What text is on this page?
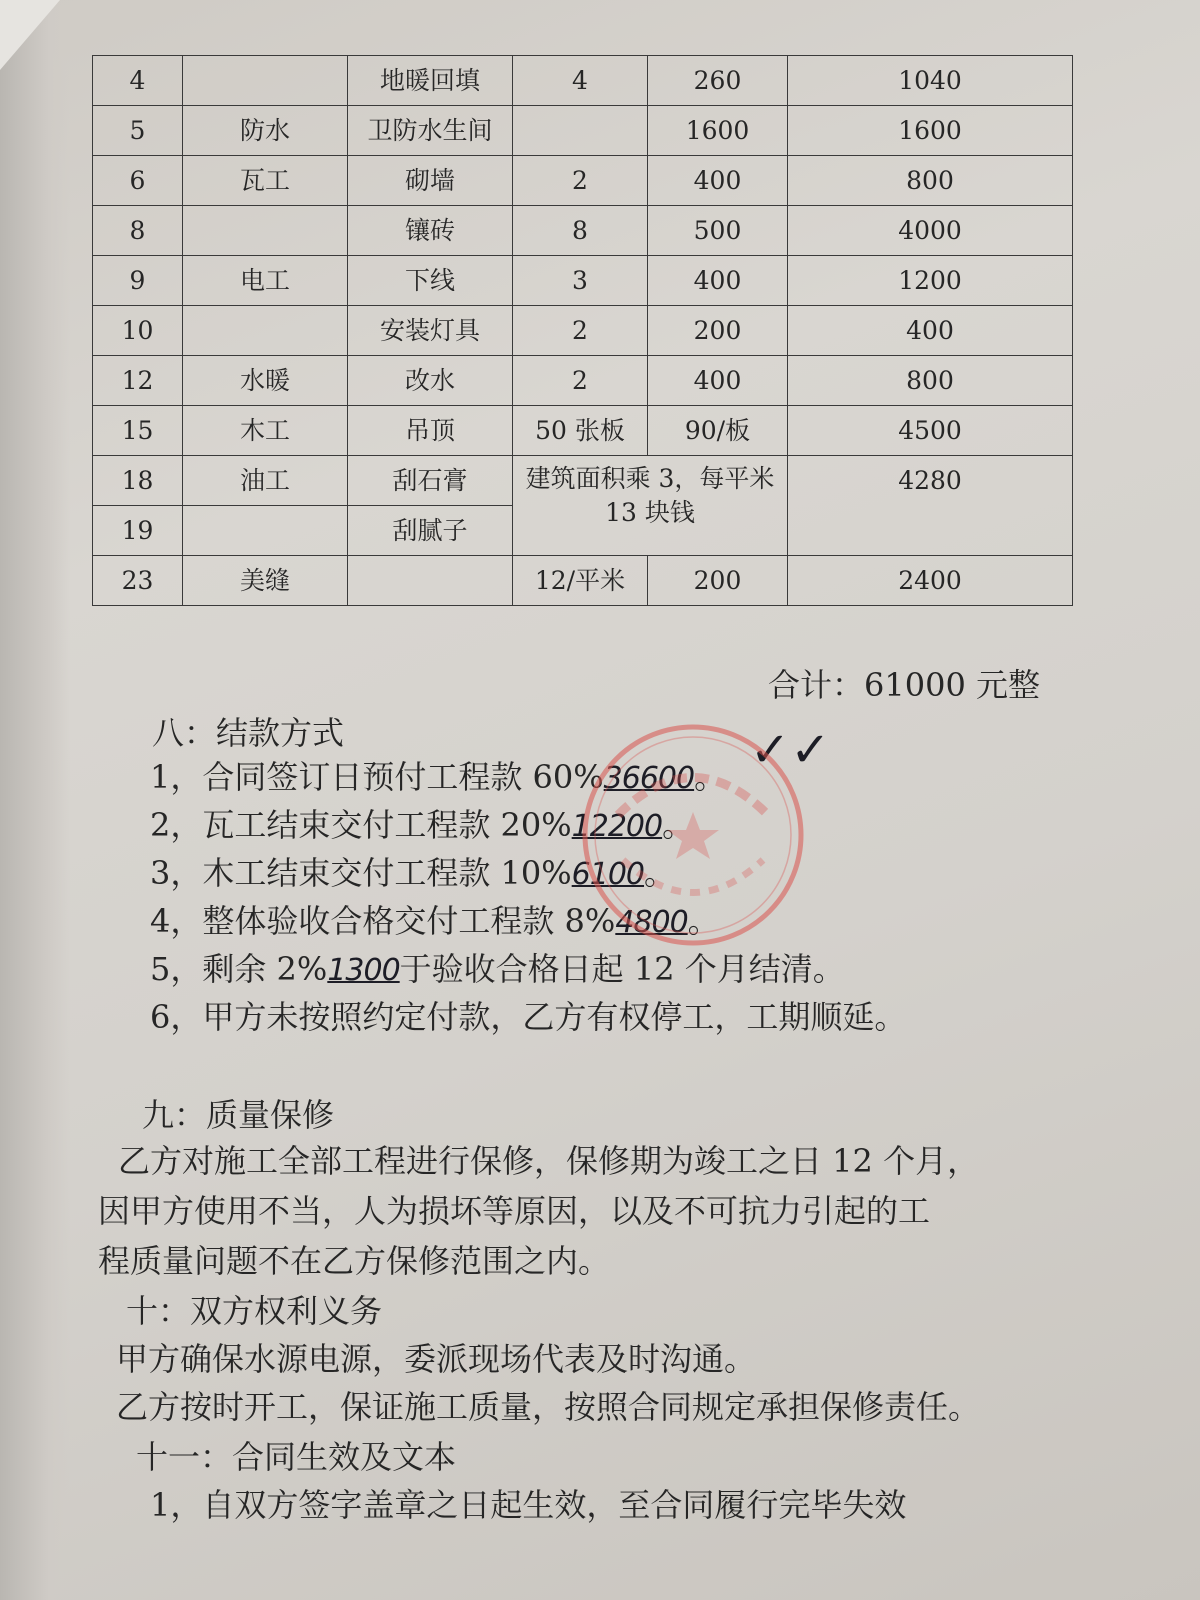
4		地暖回填	4	260	1040
5	防水	卫防水生间		1600	1600
6	瓦工	砌墙	2	400	800
8		镶砖	8	500	4000
9	电工	下线	3	400	1200
10		安装灯具	2	200	400
12	水暖	改水	2	400	800
15	木工	吊顶	50 张板	90/板	4500
18	油工	刮石膏	建筑面积乘 3，每平米 13 块钱		4280
19		刮腻子			
23	美缝		12/平米	200	2400
合计：61000 元整
八：结款方式
1，合同签订日预付工程款 60%36600。
2，瓦工结束交付工程款 20%12200。
3，木工结束交付工程款 10%6100。
4，整体验收合格交付工程款 8%4800。
5，剩余 2%1300于验收合格日起 12 个月结清。
6，甲方未按照约定付款，乙方有权停工，工期顺延。
✓✓
九：质量保修
乙方对施工全部工程进行保修，保修期为竣工之日 12 个月，
因甲方使用不当，人为损坏等原因，以及不可抗力引起的工
程质量问题不在乙方保修范围之内。
十：双方权利义务
甲方确保水源电源，委派现场代表及时沟通。
乙方按时开工，保证施工质量，按照合同规定承担保修责任。
十一：合同生效及文本
1，自双方签字盖章之日起生效，至合同履行完毕失效
